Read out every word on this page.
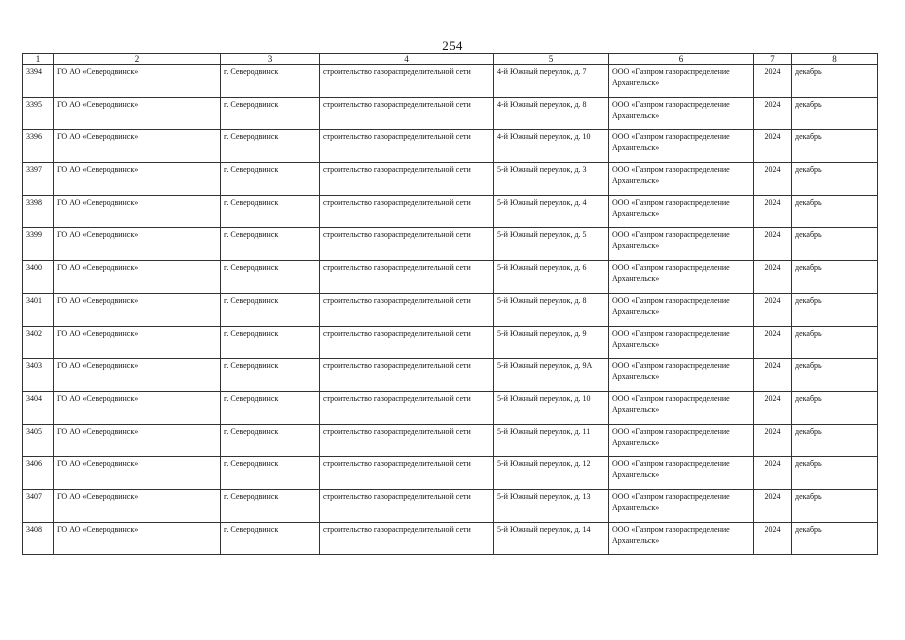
254
1	2	3	4	5	6	7	8
3394	ГО АО «Северодвинск»	г. Северодвинск	строительство газораспределительной сети	4-й Южный переулок, д. 7	ООО «Газпром газораспределение Архангельск»	2024	декабрь
3395	ГО АО «Северодвинск»	г. Северодвинск	строительство газораспределительной сети	4-й Южный переулок, д. 8	ООО «Газпром газораспределение Архангельск»	2024	декабрь
3396	ГО АО «Северодвинск»	г. Северодвинск	строительство газораспределительной сети	4-й Южный переулок, д. 10	ООО «Газпром газораспределение Архангельск»	2024	декабрь
3397	ГО АО «Северодвинск»	г. Северодвинск	строительство газораспределительной сети	5-й Южный переулок, д. 3	ООО «Газпром газораспределение Архангельск»	2024	декабрь
3398	ГО АО «Северодвинск»	г. Северодвинск	строительство газораспределительной сети	5-й Южный переулок, д. 4	ООО «Газпром газораспределение Архангельск»	2024	декабрь
3399	ГО АО «Северодвинск»	г. Северодвинск	строительство газораспределительной сети	5-й Южный переулок, д. 5	ООО «Газпром газораспределение Архангельск»	2024	декабрь
3400	ГО АО «Северодвинск»	г. Северодвинск	строительство газораспределительной сети	5-й Южный переулок, д. 6	ООО «Газпром газораспределение Архангельск»	2024	декабрь
3401	ГО АО «Северодвинск»	г. Северодвинск	строительство газораспределительной сети	5-й Южный переулок, д. 8	ООО «Газпром газораспределение Архангельск»	2024	декабрь
3402	ГО АО «Северодвинск»	г. Северодвинск	строительство газораспределительной сети	5-й Южный переулок, д. 9	ООО «Газпром газораспределение Архангельск»	2024	декабрь
3403	ГО АО «Северодвинск»	г. Северодвинск	строительство газораспределительной сети	5-й Южный переулок, д. 9А	ООО «Газпром газораспределение Архангельск»	2024	декабрь
3404	ГО АО «Северодвинск»	г. Северодвинск	строительство газораспределительной сети	5-й Южный переулок, д. 10	ООО «Газпром газораспределение Архангельск»	2024	декабрь
3405	ГО АО «Северодвинск»	г. Северодвинск	строительство газораспределительной сети	5-й Южный переулок, д. 11	ООО «Газпром газораспределение Архангельск»	2024	декабрь
3406	ГО АО «Северодвинск»	г. Северодвинск	строительство газораспределительной сети	5-й Южный переулок, д. 12	ООО «Газпром газораспределение Архангельск»	2024	декабрь
3407	ГО АО «Северодвинск»	г. Северодвинск	строительство газораспределительной сети	5-й Южный переулок, д. 13	ООО «Газпром газораспределение Архангельск»	2024	декабрь
3408	ГО АО «Северодвинск»	г. Северодвинск	строительство газораспределительной сети	5-й Южный переулок, д. 14	ООО «Газпром газораспределение Архангельск»	2024	декабрь
